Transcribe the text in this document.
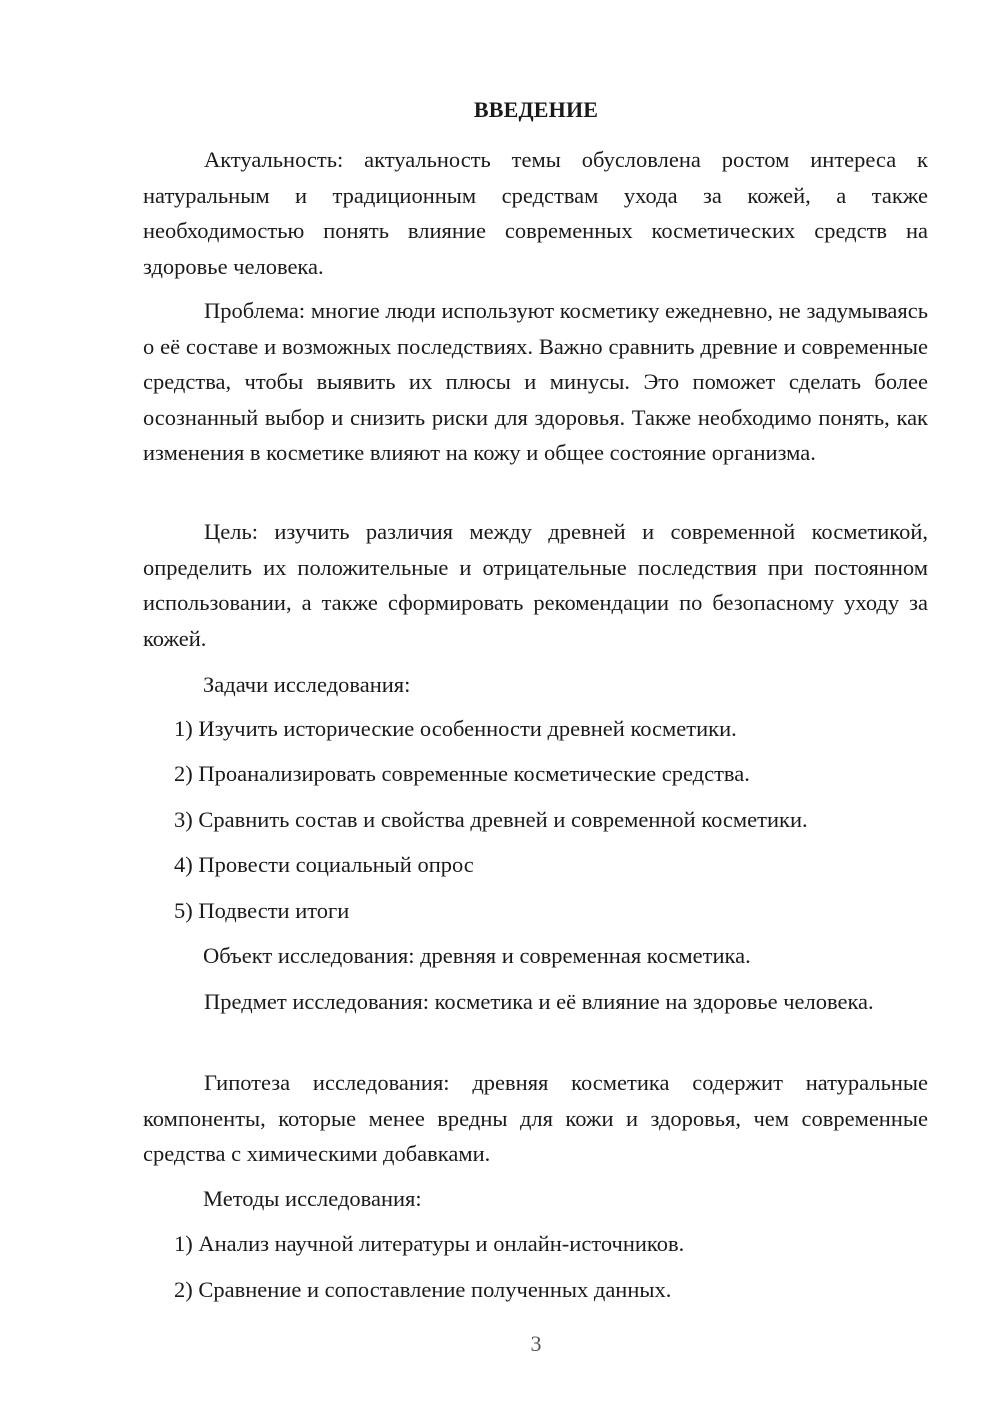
ВВЕДЕНИЕ

Актуальность: актуальность темы обусловлена ростом интереса к натуральным и традиционным средствам ухода за кожей, а также необходимостью понять влияние современных косметических средств на здоровье человека.

Проблема: многие люди используют косметику ежедневно, не задумываясь о её составе и возможных последствиях. Важно сравнить древние и современные средства, чтобы выявить их плюсы и минусы. Это поможет сделать более осознанный выбор и снизить риски для здоровья. Также необходимо понять, как изменения в косметике влияют на кожу и общее состояние организма.

Цель: изучить различия между древней и современной косметикой, определить их положительные и отрицательные последствия при постоянном использовании, а также сформировать рекомендации по безопасному уходу за кожей.

Задачи исследования:

1) Изучить исторические особенности древней косметики.

2) Проанализировать современные косметические средства.

3) Сравнить состав и свойства древней и современной косметики.

4) Провести социальный опрос

5) Подвести итоги

Объект исследования: древняя и современная косметика.

Предмет исследования: косметика и её влияние на здоровье человека.

Гипотеза исследования: древняя косметика содержит натуральные компоненты, которые менее вредны для кожи и здоровья, чем современные средства с химическими добавками.

Методы исследования:

1) Анализ научной литературы и онлайн-источников.

2) Сравнение и сопоставление полученных данных.

3
